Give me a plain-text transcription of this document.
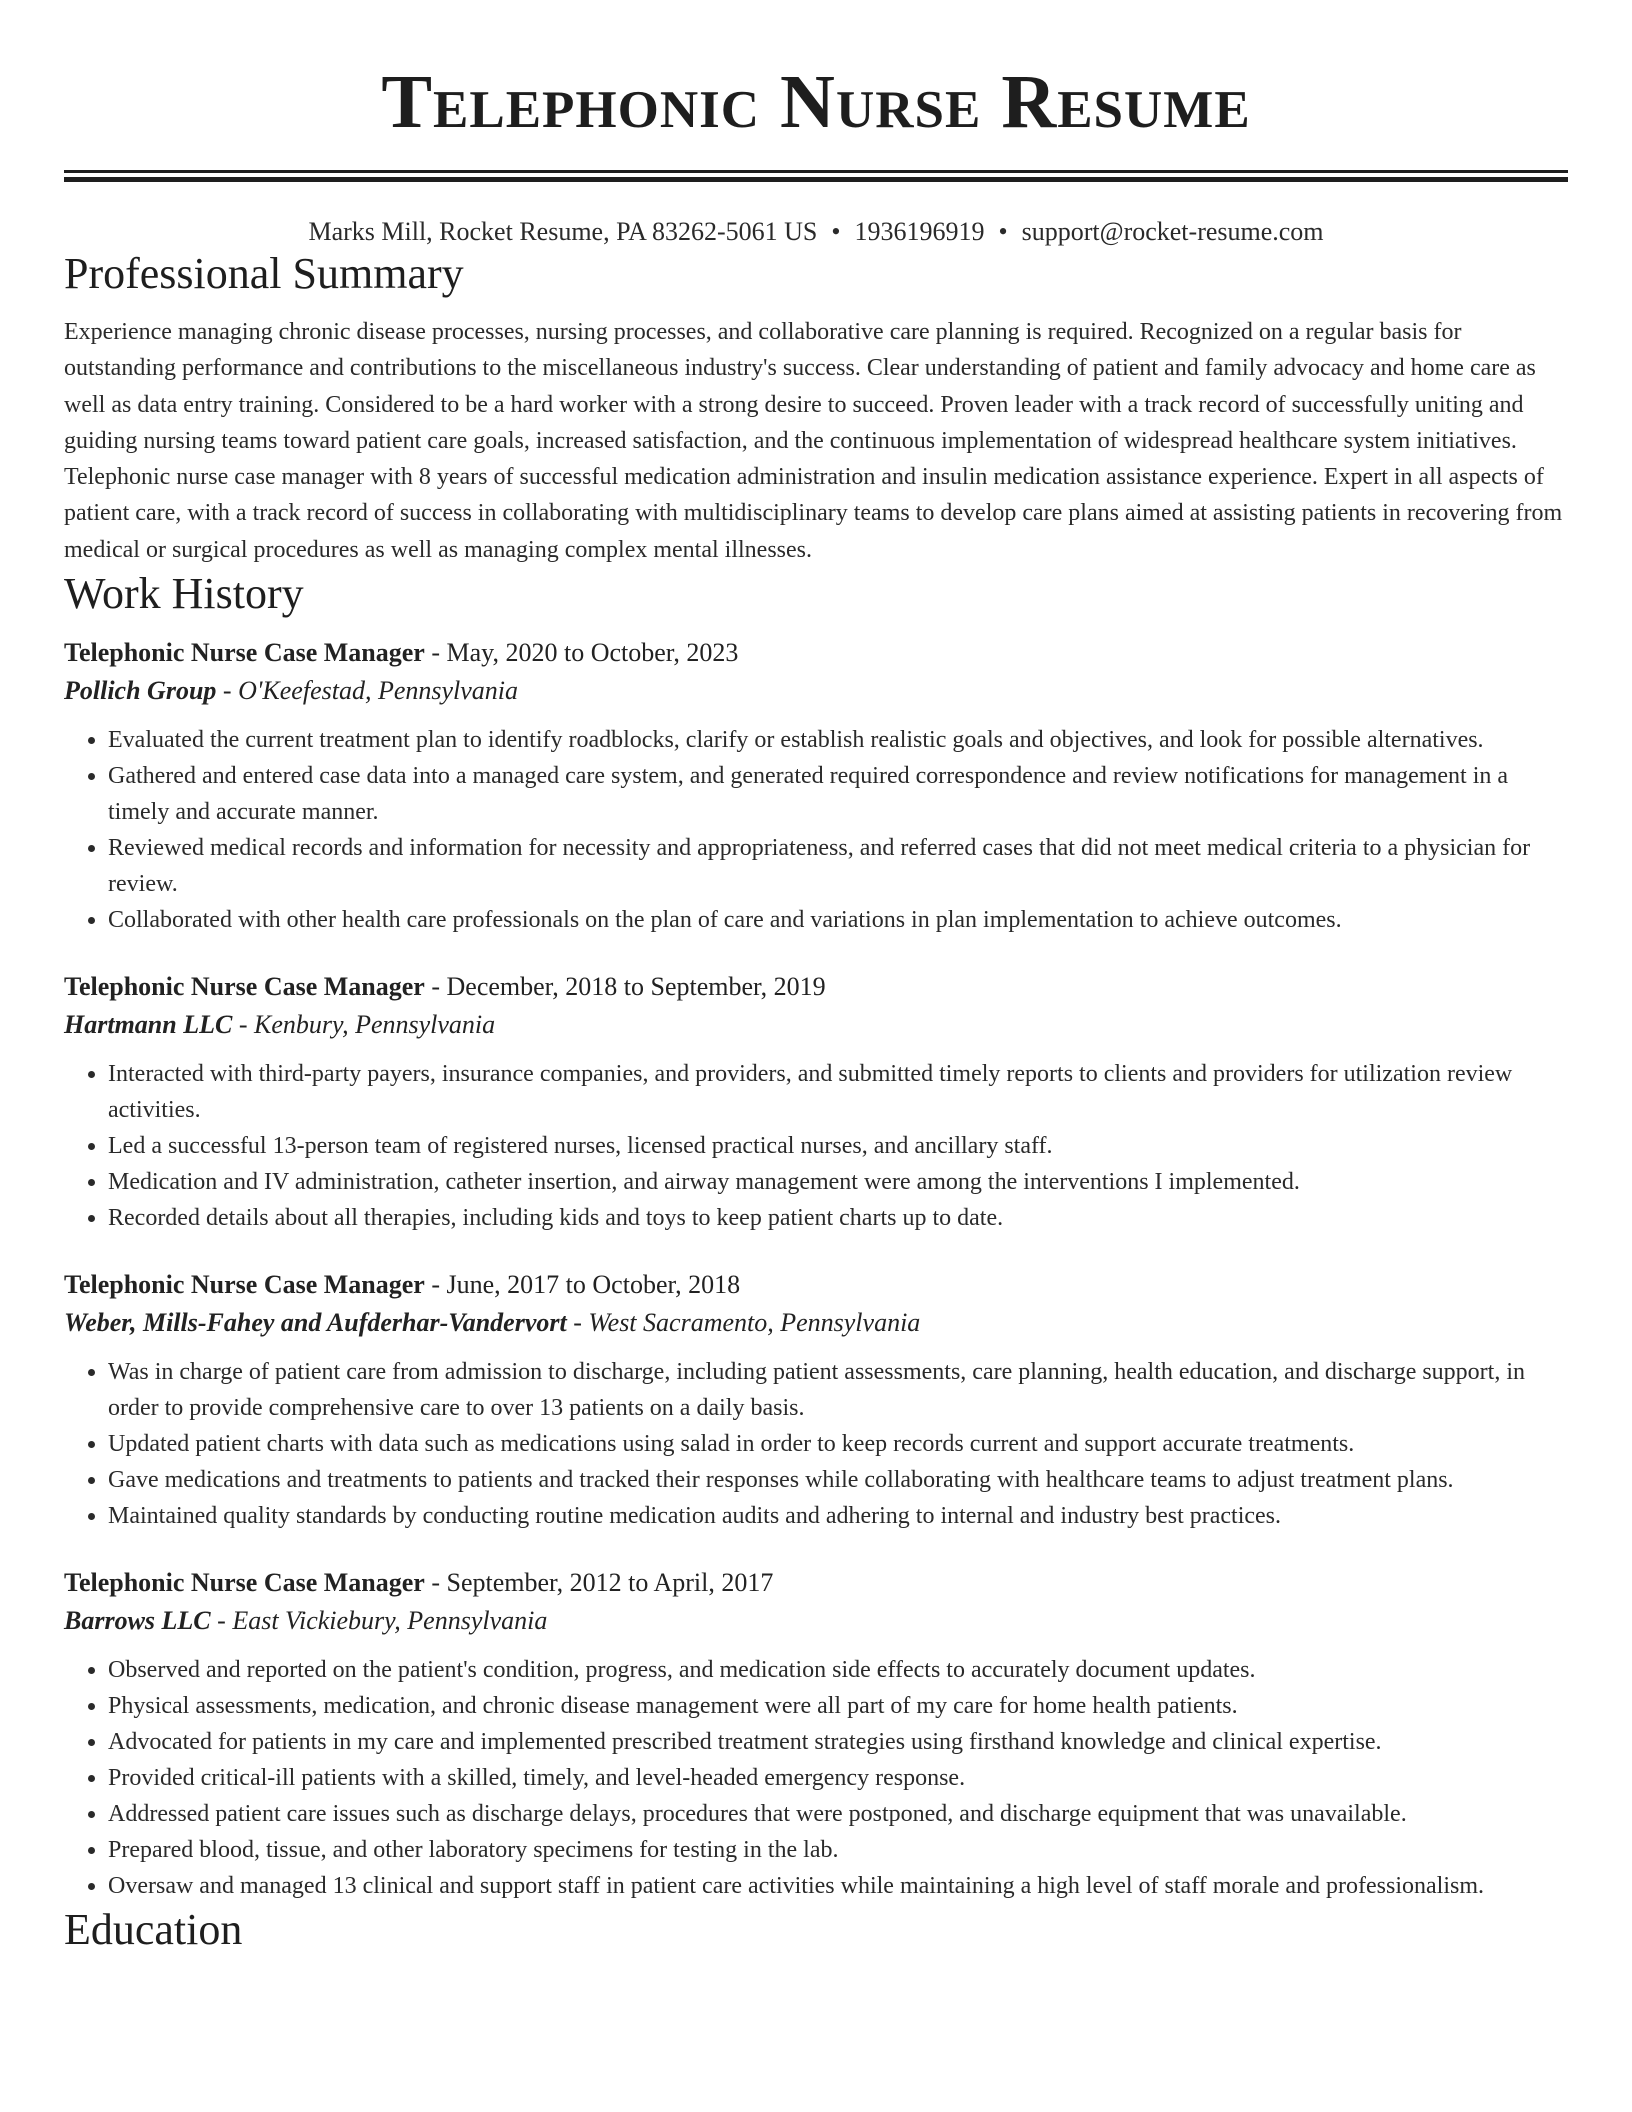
Telephonic Nurse Resume
Marks Mill, Rocket Resume, PA 83262-5061 US • 1936196919 • support@rocket-resume.com
Professional Summary

Experience managing chronic disease processes, nursing processes, and collaborative care planning is required. Recognized on a regular basis for outstanding performance and contributions to the miscellaneous industry's success. Clear understanding of patient and family advocacy and home care as well as data entry training. Considered to be a hard worker with a strong desire to succeed. Proven leader with a track record of successfully uniting and guiding nursing teams toward patient care goals, increased satisfaction, and the continuous implementation of widespread healthcare system initiatives. Telephonic nurse case manager with 8 years of successful medication administration and insulin medication assistance experience. Expert in all aspects of patient care, with a track record of success in collaborating with multidisciplinary teams to develop care plans aimed at assisting patients in recovering from medical or surgical procedures as well as managing complex mental illnesses.

Work History
Telephonic Nurse Case Manager - May, 2020 to October, 2023
Pollich Group - O'Keefestad, Pennsylvania
• Evaluated the current treatment plan to identify roadblocks, clarify or establish realistic goals and objectives, and look for possible alternatives.
• Gathered and entered case data into a managed care system, and generated required correspondence and review notifications for management in a timely and accurate manner.
• Reviewed medical records and information for necessity and appropriateness, and referred cases that did not meet medical criteria to a physician for review.
• Collaborated with other health care professionals on the plan of care and variations in plan implementation to achieve outcomes.
Telephonic Nurse Case Manager - December, 2018 to September, 2019
Hartmann LLC - Kenbury, Pennsylvania
• Interacted with third-party payers, insurance companies, and providers, and submitted timely reports to clients and providers for utilization review activities.
• Led a successful 13-person team of registered nurses, licensed practical nurses, and ancillary staff.
• Medication and IV administration, catheter insertion, and airway management were among the interventions I implemented.
• Recorded details about all therapies, including kids and toys to keep patient charts up to date.
Telephonic Nurse Case Manager - June, 2017 to October, 2018
Weber, Mills-Fahey and Aufderhar-Vandervort - West Sacramento, Pennsylvania
• Was in charge of patient care from admission to discharge, including patient assessments, care planning, health education, and discharge support, in order to provide comprehensive care to over 13 patients on a daily basis.
• Updated patient charts with data such as medications using salad in order to keep records current and support accurate treatments.
• Gave medications and treatments to patients and tracked their responses while collaborating with healthcare teams to adjust treatment plans.
• Maintained quality standards by conducting routine medication audits and adhering to internal and industry best practices.
Telephonic Nurse Case Manager - September, 2012 to April, 2017
Barrows LLC - East Vickiebury, Pennsylvania
• Observed and reported on the patient's condition, progress, and medication side effects to accurately document updates.
• Physical assessments, medication, and chronic disease management were all part of my care for home health patients.
• Advocated for patients in my care and implemented prescribed treatment strategies using firsthand knowledge and clinical expertise.
• Provided critical-ill patients with a skilled, timely, and level-headed emergency response.
• Addressed patient care issues such as discharge delays, procedures that were postponed, and discharge equipment that was unavailable.
• Prepared blood, tissue, and other laboratory specimens for testing in the lab.
• Oversaw and managed 13 clinical and support staff in patient care activities while maintaining a high level of staff morale and professionalism.
Education
